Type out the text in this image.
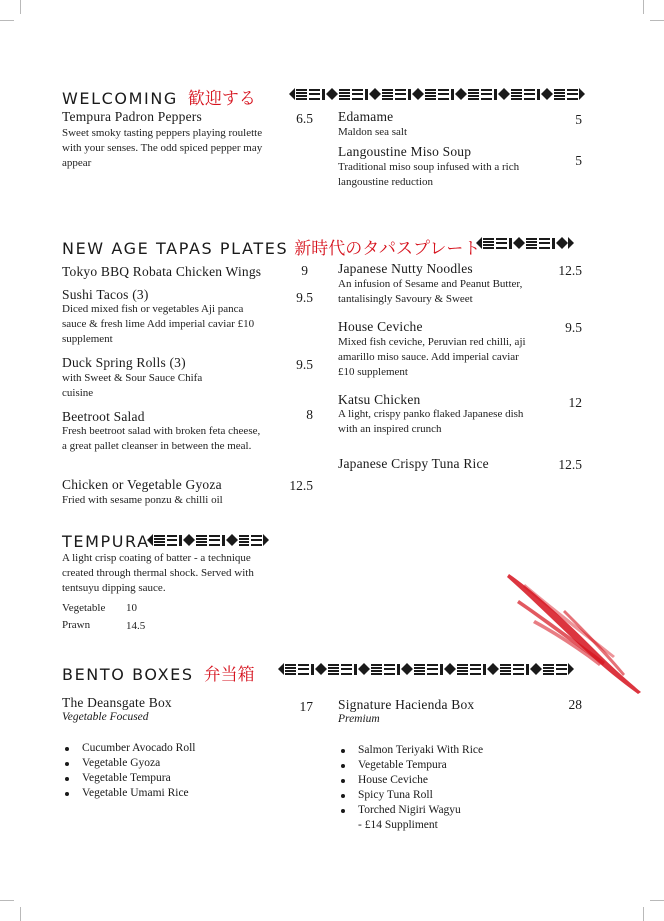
WELCOMING 歓迎する
Tempura Padron Peppers	6.5
Sweet smoky tasting peppers playing roulette with your senses. The odd spiced pepper may appear
Edamame	5
Maldon sea salt
Langoustine Miso Soup
5
Traditional miso soup infused with a rich langoustine reduction
NEW AGE TAPAS PLATES 新時代のタパスプレート
Tokyo BBQ Robata Chicken Wings	9
Sushi Tacos (3)	9.5
Diced mixed fish or vegetables Aji panca sauce & fresh lime Add imperial caviar £10 supplement
Duck Spring Rolls (3)	9.5
with Sweet & Sour Sauce Chifa cuisine
Beetroot Salad	8
Fresh beetroot salad with broken feta cheese, a great pallet cleanser in between the meal.
Chicken or Vegetable Gyoza	12.5
Fried with sesame ponzu & chilli oil
Japanese Nutty Noodles	12.5
An infusion of Sesame and Peanut Butter, tantalisingly Savoury & Sweet
House Ceviche	9.5
Mixed fish ceviche, Peruvian red chilli, aji amarillo miso sauce. Add imperial caviar £10 supplement
Katsu Chicken	12
A light, crispy panko flaked Japanese dish with an inspired crunch
Japanese Crispy Tuna Rice	12.5
TEMPURA
A light crisp coating of batter - a technique created through thermal shock. Served with tentsuyu dipping sauce.
Vegetable 10
Prawn	14.5
BENTO BOXES 弁当箱
The Deansgate Box	17
Vegetable Focused
Cucumber Avocado Roll
Vegetable Gyoza
Vegetable Tempura
Vegetable Umami Rice
Signature Hacienda Box	28
Premium
Salmon Teriyaki With Rice
Vegetable Tempura
House Ceviche
Spicy Tuna Roll
Torched Nigiri Wagyu
- £14 Suppliment
